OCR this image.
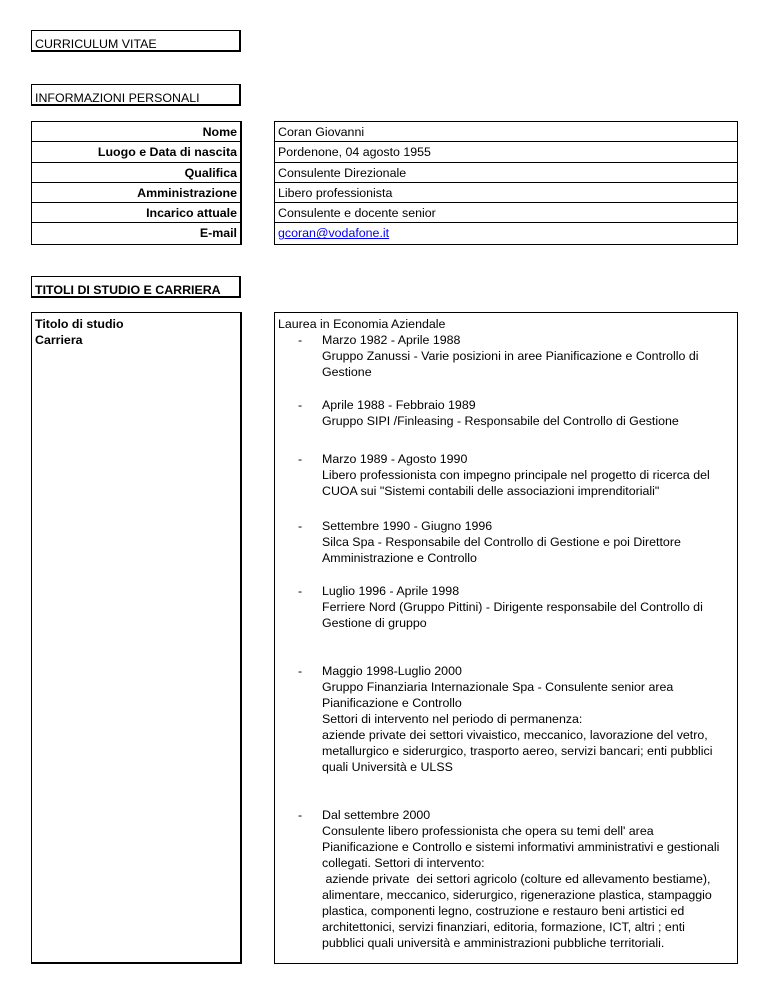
CURRICULUM VITAE
INFORMAZIONI PERSONALI
Nome
Luogo e Data di nascita
Qualifica
Amministrazione
Incarico attuale
E-mail
Coran Giovanni
Pordenone, 04 agosto 1955
Consulente Direzionale
Libero professionista
Consulente e docente senior
gcoran@vodafone.it
TITOLI DI STUDIO E CARRIERA
Titolo di studio
Carriera
Laurea in Economia Aziendale
- Marzo 1982 - Aprile 1988
Gruppo Zanussi - Varie posizioni in aree Pianificazione e Controllo di
Gestione
- Aprile 1988 - Febbraio 1989
Gruppo SIPI /Finleasing - Responsabile del Controllo di Gestione
- Marzo 1989 - Agosto 1990
Libero professionista con impegno principale nel progetto di ricerca del
CUOA sui "Sistemi contabili delle associazioni imprenditoriali"
- Settembre 1990 - Giugno 1996
Silca Spa - Responsabile del Controllo di Gestione e poi Direttore
Amministrazione e Controllo
- Luglio 1996 - Aprile 1998
Ferriere Nord (Gruppo Pittini) - Dirigente responsabile del Controllo di
Gestione di gruppo
- Maggio 1998-Luglio 2000
Gruppo Finanziaria Internazionale Spa - Consulente senior area
Pianificazione e Controllo
Settori di intervento nel periodo di permanenza:
aziende private dei settori vivaistico, meccanico, lavorazione del vetro,
metallurgico e siderurgico, trasporto aereo, servizi bancari; enti pubblici
quali Università e ULSS
- Dal settembre 2000
Consulente libero professionista che opera su temi dell' area
Pianificazione e Controllo e sistemi informativi amministrativi e gestionali
collegati. Settori di intervento:
aziende private  dei settori agricolo (colture ed allevamento bestiame),
alimentare, meccanico, siderurgico, rigenerazione plastica, stampaggio
plastica, componenti legno, costruzione e restauro beni artistici ed
architettonici, servizi finanziari, editoria, formazione, ICT, altri ; enti
pubblici quali università e amministrazioni pubbliche territoriali.
